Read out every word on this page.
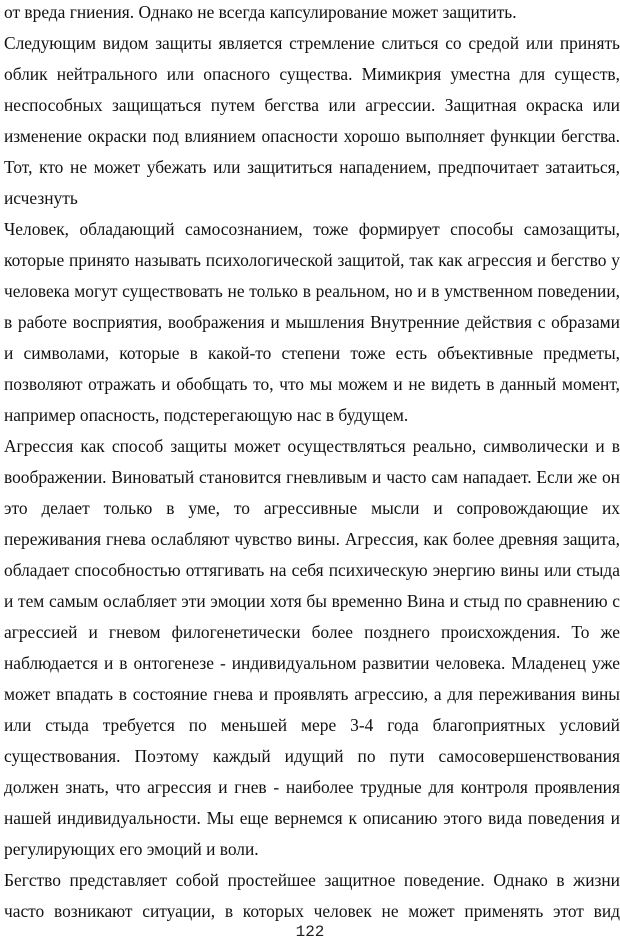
от вреда гниения. Однако не всегда капсулирование может защитить.

Следующим видом защиты является стремление слиться со средой или принять облик нейтрального или опасного существа. Мимикрия уместна для существ, неспособных защищаться путем бегства или агрессии. Защитная окраска или изменение окраски под влиянием опасности хорошо выполняет функции бегства. Тот, кто не может убежать или защититься нападением, предпочитает затаиться, исчезнуть

Человек, обладающий самосознанием, тоже формирует способы самозащиты, которые принято называть психологической защитой, так как агрессия и бегство у человека могут существовать не только в реальном, но и в умственном поведении, в работе восприятия, воображения и мышления Внутренние действия с образами и символами, которые в какой-то степени тоже есть объективные предметы, позволяют отражать и обобщать то, что мы можем и не видеть в данный момент, например опасность, подстерегающую нас в будущем.

Агрессия как способ защиты может осуществляться реально, символически и в воображении. Виноватый становится гневливым и часто сам нападает. Если же он это делает только в уме, то агрессивные мысли и сопровождающие их переживания гнева ослабляют чувство вины. Агрессия, как более древняя защита, обладает способностью оттягивать на себя психическую энергию вины или стыда и тем самым ослабляет эти эмоции хотя бы временно Вина и стыд по сравнению с агрессией и гневом филогенетически более позднего происхождения. То же наблюдается и в онтогенезе - индивидуальном развитии человека. Младенец уже может впадать в состояние гнева и проявлять агрессию, а для переживания вины или стыда требуется по меньшей мере 3-4 года благоприятных условий существования. Поэтому каждый идущий по пути самосовершенствования должен знать, что агрессия и гнев - наиболее трудные для контроля проявления нашей индивидуальности. Мы еще вернемся к описанию этого вида поведения и регулирующих его эмоций и воли.

Бегство представляет собой простейшее защитное поведение. Однако в жизни часто возникают ситуации, в которых человек не может применять этот вид

122
